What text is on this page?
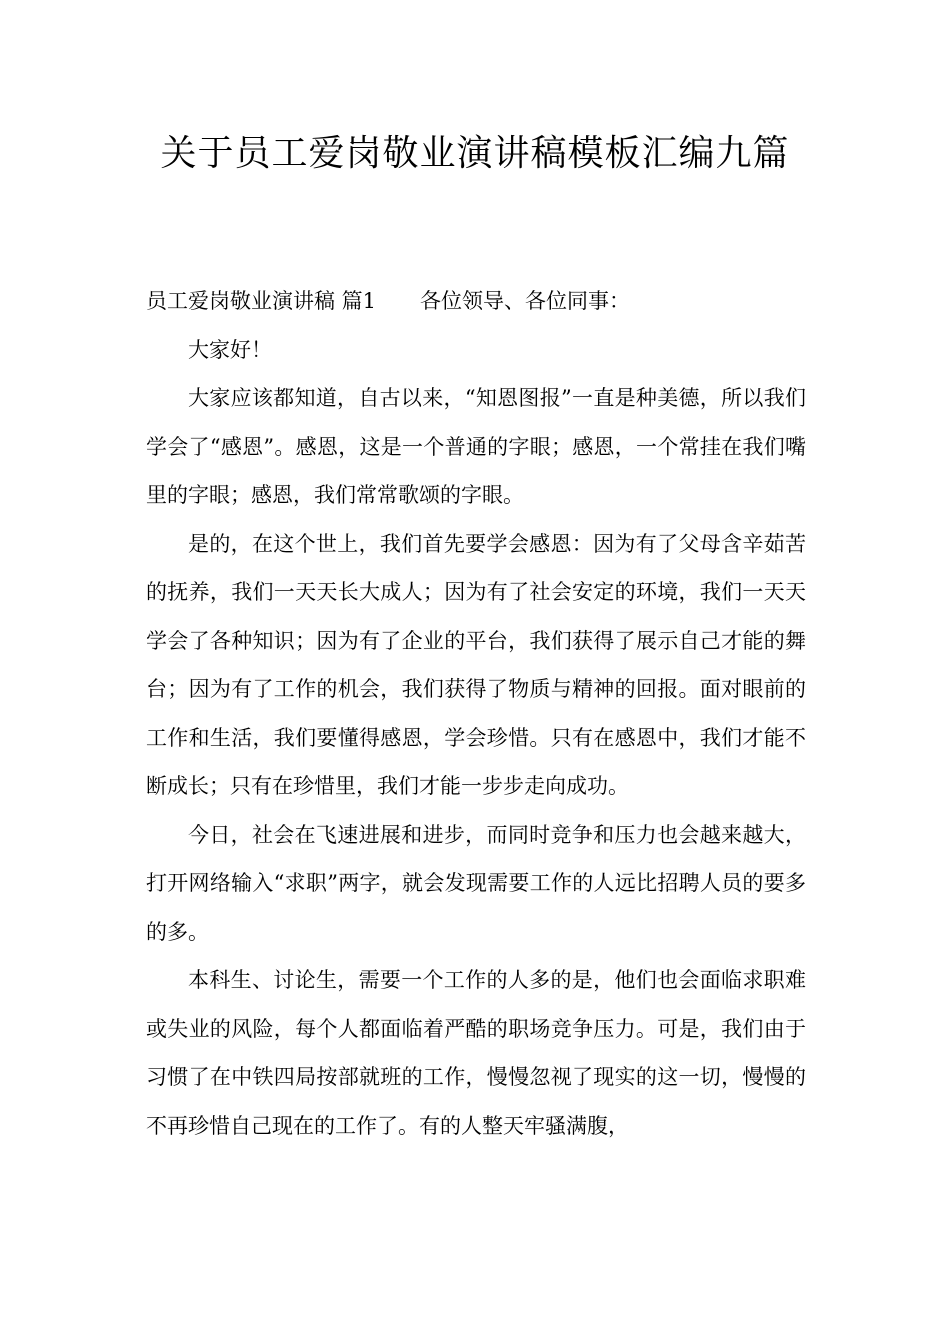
关于员工爱岗敬业演讲稿模板汇编九篇

员工爱岗敬业演讲稿 篇1 各位领导、各位同事：

大家好！

大家应该都知道，自古以来，“知恩图报”一直是种美德，所以我们学会了“感恩”。感恩，这是一个普通的字眼；感恩，一个常挂在我们嘴里的字眼；感恩，我们常常歌颂的字眼。

是的，在这个世上，我们首先要学会感恩：因为有了父母含辛茹苦的抚养，我们一天天长大成人；因为有了社会安定的环境，我们一天天学会了各种知识；因为有了企业的平台，我们获得了展示自己才能的舞台；因为有了工作的机会，我们获得了物质与精神的回报。面对眼前的工作和生活，我们要懂得感恩，学会珍惜。只有在感恩中，我们才能不断成长；只有在珍惜里，我们才能一步步走向成功。

今日，社会在飞速进展和进步，而同时竞争和压力也会越来越大，打开网络输入“求职”两字，就会发现需要工作的人远比招聘人员的要多的多。

本科生、讨论生，需要一个工作的人多的是，他们也会面临求职难或失业的风险，每个人都面临着严酷的职场竞争压力。可是，我们由于习惯了在中铁四局按部就班的工作，慢慢忽视了现实的这一切，慢慢的不再珍惜自己现在的工作了。有的人整天牢骚满腹，
